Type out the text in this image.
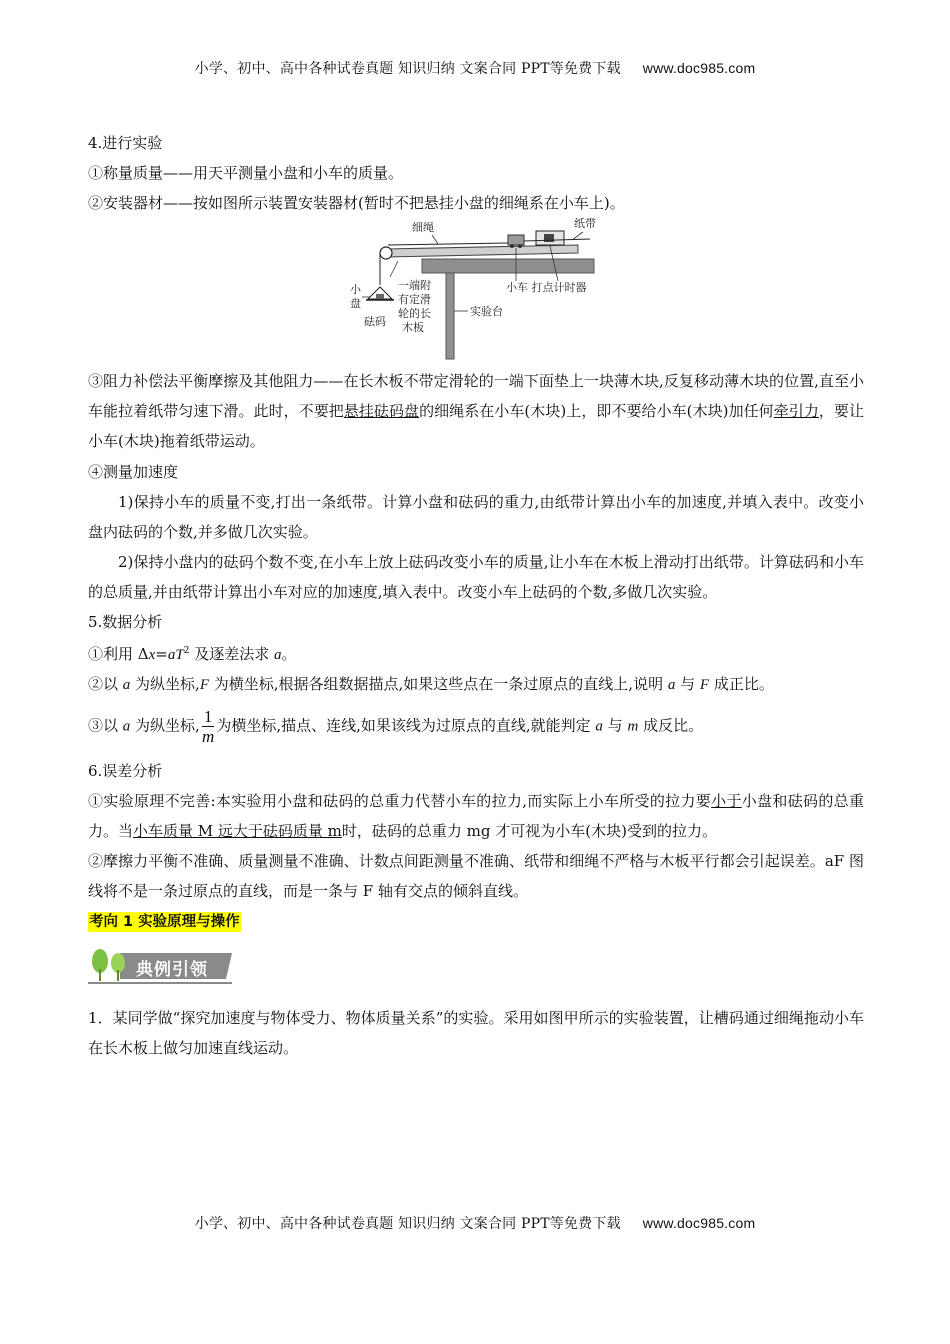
小学、初中、高中各种试卷真题 知识归纳 文案合同 PPT等免费下载 www.doc985.com
4.进行实验
①称量质量——用天平测量小盘和小车的质量。
②安装器材——按如图所示装置安装器材(暂时不把悬挂小盘的细绳系在小车上)。
③阻力补偿法平衡摩擦及其他阻力——在长木板不带定滑轮的一端下面垫上一块薄木块,反复移动薄木块的位置,直至小车能拉着纸带匀速下滑。此时，不要把悬挂砝码盘的细绳系在小车(木块)上，即不要给小车(木块)加任何牵引力，要让小车(木块)拖着纸带运动。
④测量加速度
1)保持小车的质量不变,打出一条纸带。计算小盘和砝码的重力,由纸带计算出小车的加速度,并填入表中。改变小盘内砝码的个数,并多做几次实验。
2)保持小盘内的砝码个数不变,在小车上放上砝码改变小车的质量,让小车在木板上滑动打出纸带。计算砝码和小车的总质量,并由纸带计算出小车对应的加速度,填入表中。改变小车上砝码的个数,多做几次实验。
5.数据分析
①利用 $\Delta x=aT^2$ 及逐差法求 a。
②以 a 为纵坐标,F 为横坐标,根据各组数据描点,如果这些点在一条过原点的直线上,说明 a 与 F 成正比。
③以 a 为纵坐标, $\frac{1}{m}$ 为横坐标,描点、连线,如果该线为过原点的直线,就能判定 a 与 m 成反比。
6.误差分析
①实验原理不完善:本实验用小盘和砝码的总重力代替小车的拉力,而实际上小车所受的拉力要小于小盘和砝码的总重力。当小车质量 M 远大于砝码质量 m时，砝码的总重力 mg 才可视为小车(木块)受到的拉力。
②摩擦力平衡不准确、质量测量不准确、计数点间距测量不准确、纸带和细绳不严格与木板平行都会引起误差。aF 图线将不是一条过原点的直线，而是一条与 F 轴有交点的倾斜直线。
考向 1 实验原理与操作
1．某同学做“探究加速度与物体受力、物体质量关系”的实验。采用如图甲所示的实验装置，让槽码通过细绳拖动小车在长木板上做匀加速直线运动。
细绳	纸带
小
盘
砝码
一端附
有定滑
轮的长
木板
小车 打点计时器
实验台
典例引领
小学、初中、高中各种试卷真题 知识归纳 文案合同 PPT等免费下载 www.doc985.com
